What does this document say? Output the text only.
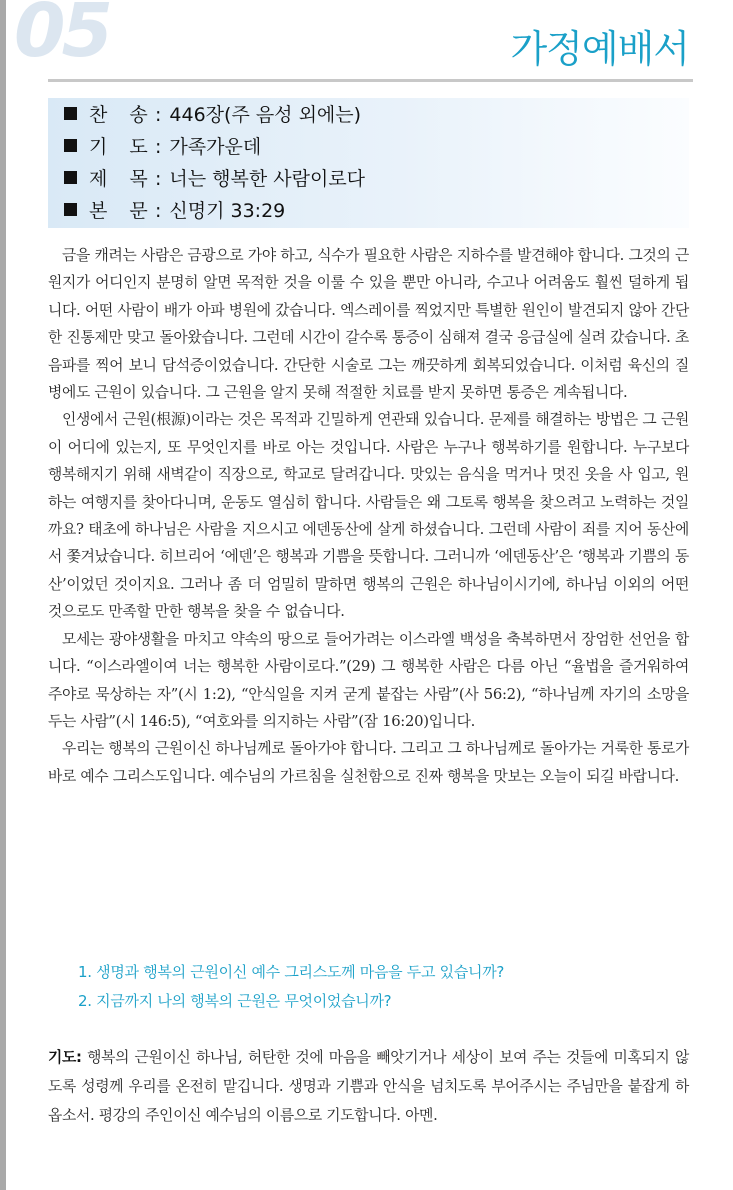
05	가정예배서
찬 송: 446장(주 음성 외에는)
기 도: 가족가운데
제 목: 너는 행복한 사람이로다
본 문: 신명기 33:29

금을 캐려는 사람은 금광으로 가야 하고, 식수가 필요한 사람은 지하수를 발견해야 합니다. 그것의 근원지가 어디인지 분명히 알면 목적한 것을 이룰 수 있을 뿐만 아니라, 수고나 어려움도 훨씬 덜하게 됩니다. 어떤 사람이 배가 아파 병원에 갔습니다. 엑스레이를 찍었지만 특별한 원인이 발견되지 않아 간단한 진통제만 맞고 돌아왔습니다. 그런데 시간이 갈수록 통증이 심해져 결국 응급실에 실려 갔습니다. 초음파를 찍어 보니 담석증이었습니다. 간단한 시술로 그는 깨끗하게 회복되었습니다. 이처럼 육신의 질병에도 근원이 있습니다. 그 근원을 알지 못해 적절한 치료를 받지 못하면 통증은 계속됩니다.

인생에서 근원(根源)이라는 것은 목적과 긴밀하게 연관돼 있습니다. 문제를 해결하는 방법은 그 근원이 어디에 있는지, 또 무엇인지를 바로 아는 것입니다. 사람은 누구나 행복하기를 원합니다. 누구보다 행복해지기 위해 새벽같이 직장으로, 학교로 달려갑니다. 맛있는 음식을 먹거나 멋진 옷을 사 입고, 원하는 여행지를 찾아다니며, 운동도 열심히 합니다. 사람들은 왜 그토록 행복을 찾으려고 노력하는 것일까요? 태초에 하나님은 사람을 지으시고 에덴동산에 살게 하셨습니다. 그런데 사람이 죄를 지어 동산에서 쫓겨났습니다. 히브리어 ‘에덴’은 행복과 기쁨을 뜻합니다. 그러니까 ‘에덴동산’은 ‘행복과 기쁨의 동산’이었던 것이지요. 그러나 좀 더 엄밀히 말하면 행복의 근원은 하나님이시기에, 하나님 이외의 어떤 것으로도 만족할 만한 행복을 찾을 수 없습니다.

모세는 광야생활을 마치고 약속의 땅으로 들어가려는 이스라엘 백성을 축복하면서 장엄한 선언을 합니다. “이스라엘이여 너는 행복한 사람이로다.”(29) 그 행복한 사람은 다름 아닌 “율법을 즐거워하여 주야로 묵상하는 자”(시 1:2), “안식일을 지켜 굳게 붙잡는 사람”(사 56:2), “하나님께 자기의 소망을 두는 사람”(시 146:5), “여호와를 의지하는 사람”(잠 16:20)입니다.

우리는 행복의 근원이신 하나님께로 돌아가야 합니다. 그리고 그 하나님께로 돌아가는 거룩한 통로가 바로 예수 그리스도입니다. 예수님의 가르침을 실천함으로 진짜 행복을 맛보는 오늘이 되길 바랍니다.

1. 생명과 행복의 근원이신 예수 그리스도께 마음을 두고 있습니까?
2. 지금까지 나의 행복의 근원은 무엇이었습니까?
기도: 행복의 근원이신 하나님, 허탄한 것에 마음을 빼앗기거나 세상이 보여 주는 것들에 미혹되지 않도록 성령께 우리를 온전히 맡깁니다. 생명과 기쁨과 안식을 넘치도록 부어주시는 주님만을 붙잡게 하옵소서. 평강의 주인이신 예수님의 이름으로 기도합니다. 아멘.
